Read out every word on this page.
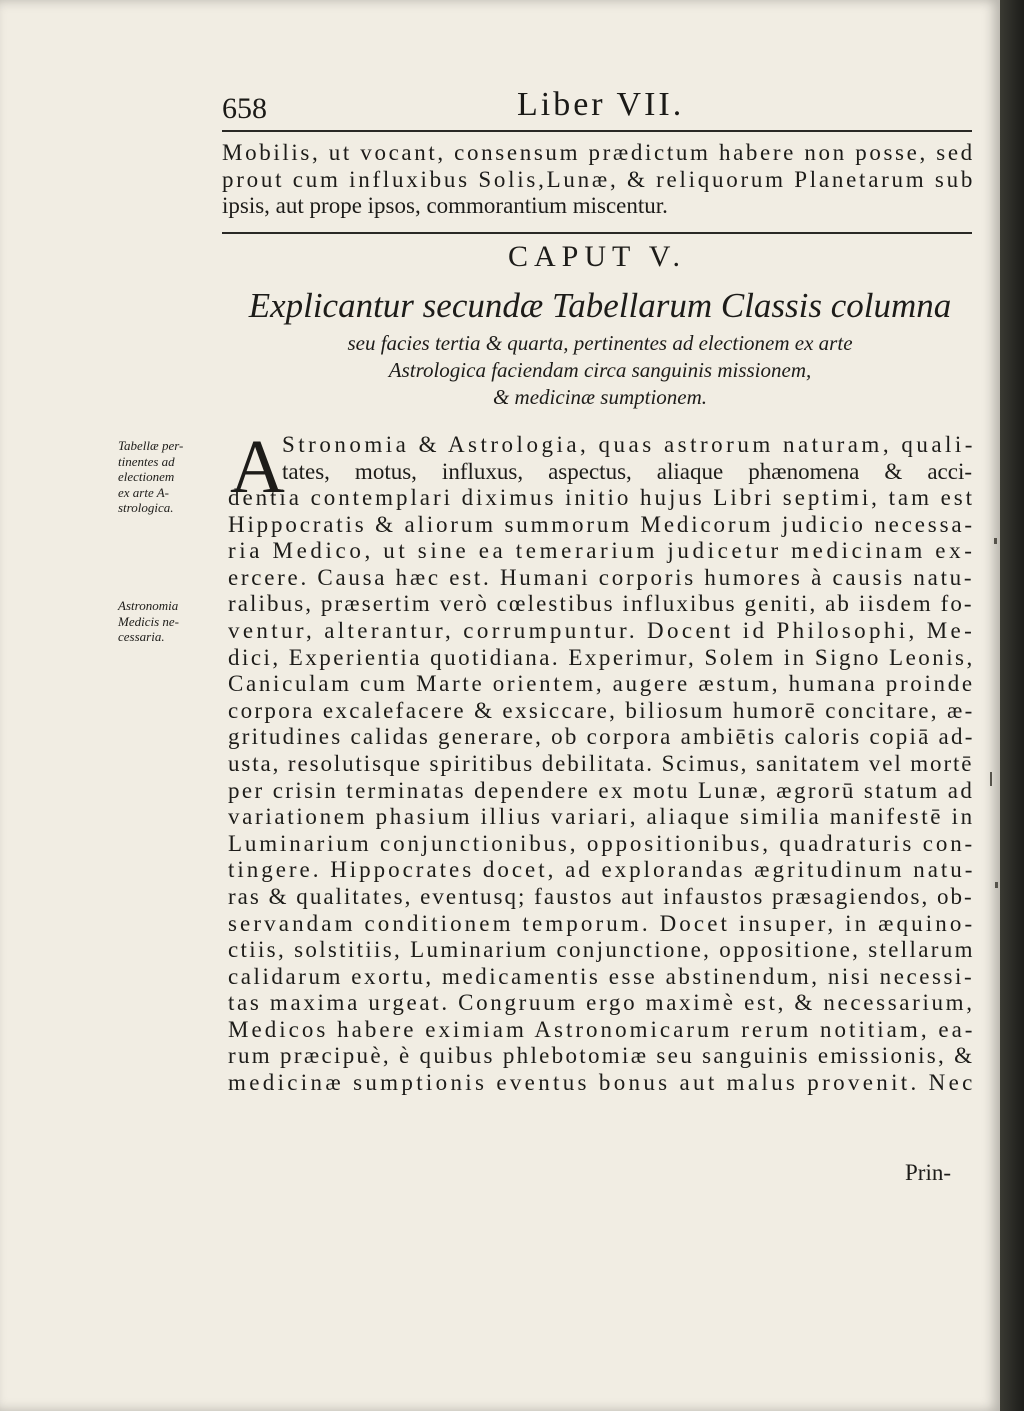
658	Liber VII.

Mobilis, ut vocant, consensum prædictum habere non posse, sed
prout cum influxibus Solis,Lunæ, & reliquorum Planetarum sub
ipsis, aut prope ipsos, commorantium miscentur.

CAPUT V.
Explicantur secundæ Tabellarum Classis columna
seu facies tertia & quarta, pertinentes ad electionem ex arte
Astrologica faciendam circa sanguinis missionem,
& medicinæ sumptionem.
Tabellæ per-
tinentes ad
electionem
ex arte A-
strologica.
Astronomia
Medicis ne-
cessaria.
A

Stronomia & Astrologia, quas astrorum naturam, quali-
tates, motus, influxus, aspectus, aliaque phænomena & acci-

dentia contemplari diximus initio hujus Libri septimi, tam est
Hippocratis & aliorum summorum Medicorum judicio necessa-
ria Medico, ut sine ea temerarium judicetur medicinam ex-
ercere. Causa hæc est. Humani corporis humores à causis natu-
ralibus, præsertim verò cœlestibus influxibus geniti, ab iisdem fo-
ventur, alterantur, corrumpuntur. Docent id Philosophi, Me-
dici, Experientia quotidiana. Experimur, Solem in Signo Leonis,
Caniculam cum Marte orientem, augere æstum, humana proinde
corpora excalefacere & exsiccare, biliosum humorē concitare, æ-
gritudines calidas generare, ob corpora ambiētis caloris copiā ad-
usta, resolutisque spiritibus debilitata. Scimus, sanitatem vel mortē
per crisin terminatas dependere ex motu Lunæ, ægrorū statum ad
variationem phasium illius variari, aliaque similia manifestē in
Luminarium conjunctionibus, oppositionibus, quadraturis con-
tingere. Hippocrates docet, ad explorandas ægritudinum natu-
ras & qualitates, eventusq; faustos aut infaustos præsagiendos, ob-
servandam conditionem temporum. Docet insuper, in æquino-
ctiis, solstitiis, Luminarium conjunctione, oppositione, stellarum
calidarum exortu, medicamentis esse abstinendum, nisi necessi-
tas maxima urgeat. Congruum ergo maximè est, & necessarium,
Medicos habere eximiam Astronomicarum rerum notitiam, ea-
rum præcipuè, è quibus phlebotomiæ seu sanguinis emissionis, &
medicinæ sumptionis eventus bonus aut malus provenit. Nec

Prin-
